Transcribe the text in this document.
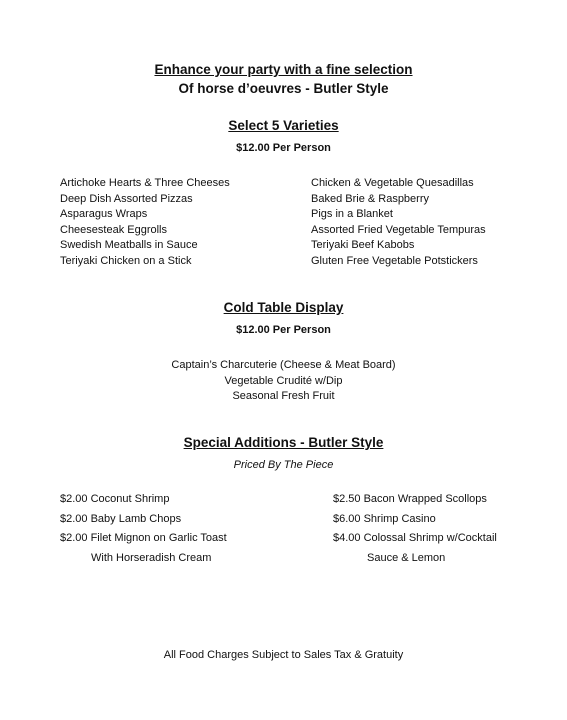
Enhance your party with a fine selection
Of horse d’oeuvres - Butler Style
Select 5 Varieties
$12.00 Per Person
Artichoke Hearts & Three Cheeses
Deep Dish Assorted Pizzas
Asparagus Wraps
Cheesesteak Eggrolls
Swedish Meatballs in Sauce
Teriyaki Chicken on a Stick
Chicken & Vegetable Quesadillas
Baked Brie & Raspberry
Pigs in a Blanket
Assorted Fried Vegetable Tempuras
Teriyaki Beef Kabobs
Gluten Free Vegetable Potstickers
Cold Table Display
$12.00 Per Person
Captain’s Charcuterie (Cheese & Meat Board)
Vegetable Crudité w/Dip
Seasonal Fresh Fruit
Special Additions - Butler Style
Priced By The Piece
$2.00 Coconut Shrimp
$2.00 Baby Lamb Chops
$2.00 Filet Mignon on Garlic Toast
With Horseradish Cream
$2.50 Bacon Wrapped Scollops
$6.00 Shrimp Casino
$4.00 Colossal Shrimp w/Cocktail
Sauce & Lemon
All Food Charges Subject to Sales Tax & Gratuity
